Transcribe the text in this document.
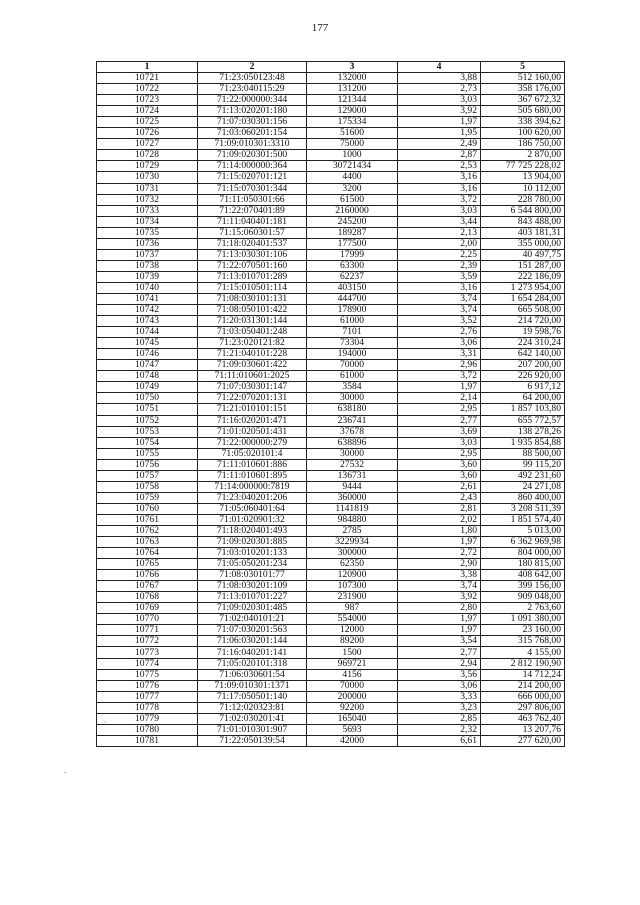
177
1	2	3	4	5
10721	71:23:050123:48	132000	3,88	512 160,00
10722	71:23:040115:29	131200	2,73	358 176,00
10723	71:22:000000:344	121344	3,03	367 672,32
10724	71:13:020201:180	129000	3,92	505 680,00
10725	71:07:030301:156	175334	1,97	338 394,62
10726	71:03:060201:154	51600	1,95	100 620,00
10727	71:09:010301:3310	75000	2,49	186 750,00
10728	71:09:020301:500	1000	2,87	2 870,00
10729	71:14:000000:364	30721434	2,53	77 725 228,02
10730	71:15:020701:121	4400	3,16	13 904,00
10731	71:15:070301:344	3200	3,16	10 112,00
10732	71:11:050301:66	61500	3,72	228 780,00
10733	71:22:070401:89	2160000	3,03	6 544 800,00
10734	71:11:040401:181	245200	3,44	843 488,00
10735	71:15:060301:57	189287	2,13	403 181,31
10736	71:18:020401:537	177500	2,00	355 000,00
10737	71:13:030301:106	17999	2,25	40 497,75
10738	71:22:070501:160	63300	2,39	151 287,00
10739	71:13:010701:289	62237	3,59	222 186,09
10740	71:15:010501:114	403150	3,16	1 273 954,00
10741	71:08:030101:131	444700	3,74	1 654 284,00
10742	71:08:050101:422	178900	3,74	665 508,00
10743	71:20:031301:144	61000	3,52	214 720,00
10744	71:03:050401:248	7101	2,76	19 598,76
10745	71:23:020121:82	73304	3,06	224 310,24
10746	71:21:040101:228	194000	3,31	642 140,00
10747	71:09:030601:422	70000	2,96	207 200,00
10748	71:11:010601:2025	61000	3,72	226 920,00
10749	71:07:030301:147	3584	1,97	6 917,12
10750	71:22:070201:131	30000	2,14	64 200,00
10751	71:21:010101:151	638180	2,95	1 857 103,80
10752	71:16:020201:471	236741	2,77	655 772,57
10753	71:01:020501:431	37678	3,69	138 278,26
10754	71:22:000000:279	638896	3,03	1 935 854,88
10755	71:05:020101:4	30000	2,95	88 500,00
10756	71:11:010601:886	27532	3,60	99 115,20
10757	71:11:010601:895	136731	3,60	492 231,60
10758	71:14:000000:7819	9444	2,61	24 271,08
10759	71:23:040201:206	360000	2,43	860 400,00
10760	71:05:060401:64	1141819	2,81	3 208 511,39
10761	71:01:020901:32	984880	2,02	1 851 574,40
10762	71:18:020401:493	2785	1,80	5 013,00
10763	71:09:020301:885	3229934	1,97	6 362 969,98
10764	71:03:010201:133	300000	2,72	804 000,00
10765	71:05:050201:234	62350	2,90	180 815,00
10766	71:08:030101:77	120900	3,38	408 642,00
10767	71:08:030201:109	107300	3,74	399 156,00
10768	71:13:010701:227	231900	3,92	909 048,00
10769	71:09:020301:485	987	2,80	2 763,60
10770	71:02:040101:21	554000	1,97	1 091 380,00
10771	71:07:030201:563	12000	1,97	23 160,00
10772	71:06:030201:144	89200	3,54	315 768,00
10773	71:16:040201:141	1500	2,77	4 155,00
10774	71:05:020101:318	969721	2,94	2 812 190,90
10775	71:06:030601:54	4156	3,56	14 712,24
10776	71:09:010301:1371	70000	3,06	214 200,00
10777	71:17:050501:140	200000	3,33	666 000,00
10778	71:12:020323:81	92200	3,23	297 806,00
10779	71:02:030201:41	165040	2,85	463 762,40
10780	71:01:010301:907	5693	2,32	13 207,76
10781	71:22:050139:54	42000	6,61	277 620,00
·
.
